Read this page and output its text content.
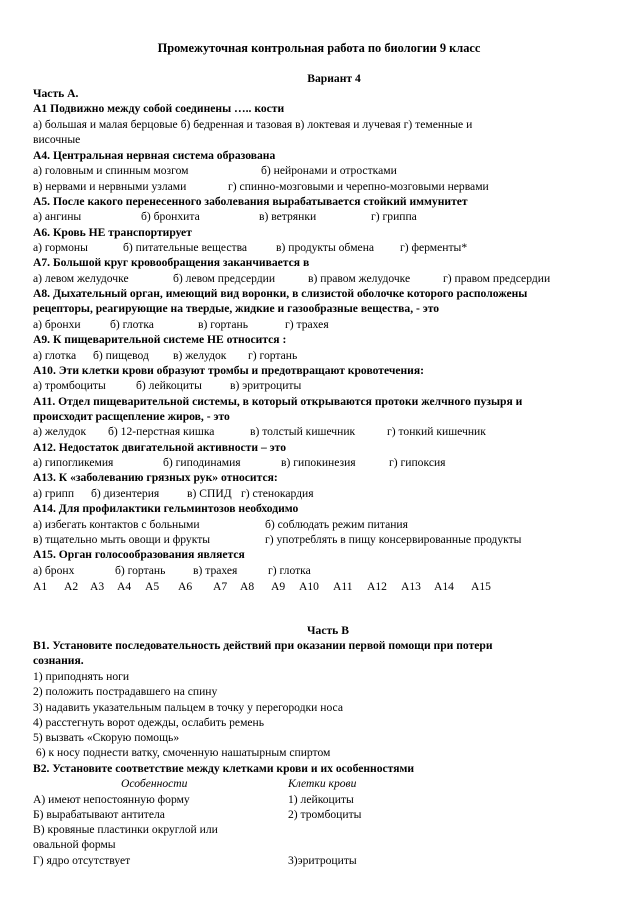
Промежуточная контрольная работа по биологии 9 класс
Вариант 4
Часть А.
А1 Подвижно между собой соединены ….. кости
а) большая и малая берцовые б) бедренная и тазовая в) локтевая и лучевая г) теменные и
височные
А4. Центральная нервная система образована
а) головным и спинным мозгом	б) нейронами и отростками
в) нервами и нервными узлами	г) спинно-мозговыми и черепно-мозговыми нервами
А5. После какого перенесенного заболевания вырабатывается стойкий иммунитет
а) ангины	б) бронхита	в) ветрянки	г) гриппа
А6. Кровь НЕ транспортирует
а) гормоны	б) питательные вещества в) продукты обмена г) ферменты*
А7. Большой круг кровообращения заканчивается в
а) левом желудочке	б) левом предсердии	в) правом желудочке	г) правом предсердии
А8. Дыхательный орган, имеющий вид воронки, в слизистой оболочке которого расположены
рецепторы, реагирующие на твердые, жидкие и газообразные вещества, - это
а) бронхи	б) глотка	в) гортань	г) трахея
А9. К пищеварительной системе НЕ относится :
а) глотка б) пищевод в) желудок г) гортань
А10. Эти клетки крови образуют тромбы и предотвращают кровотечения:
а) тромбоциты	б) лейкоциты в) эритроциты
А11. Отдел пищеварительной системы, в который открываются протоки желчного пузыря и
происходит расщепление жиров, - это
а) желудок б) 12-перстная кишка	в) толстый кишечник	г) тонкий кишечник
А12. Недостаток двигательной активности – это
а) гипогликемия	б) гиподинамия	в) гипокинезия	г) гипоксия
А13. К «заболеванию грязных рук» относится:
а) грипп б) дизентерия в) СПИД г) стенокардия
А14. Для профилактики гельминтозов необходимо
а) избегать контактов с больными	б) соблюдать режим питания
в) тщательно мыть овощи и фрукты	г) употреблять в пищу консервированные продукты
А15. Орган голосообразования является
а) бронх	б) гортань в) трахея	г) глотка
А1 А2 А3 А4 А5 А6 А7 А8 А9 А10 А11 А12 А13 А14 А15
Часть В
В1. Установите последовательность действий при оказании первой помощи при потери
сознания.
1) приподнять ноги
2) положить пострадавшего на спину
3) надавить указательным пальцем в точку у перегородки носа
4) расстегнуть ворот одежды, ослабить ремень
5) вызвать «Скорую помощь»
6) к носу поднести ватку, смоченную нашатырным спиртом
В2. Установите соответствие между клетками крови и их особенностями
Особенности	Клетки крови
А) имеют непостоянную форму	1) лейкоциты
Б) вырабатывают антитела	2) тромбоциты
В) кровяные пластинки округлой или
овальной формы
Г) ядро отсутствует	3)эритроциты
